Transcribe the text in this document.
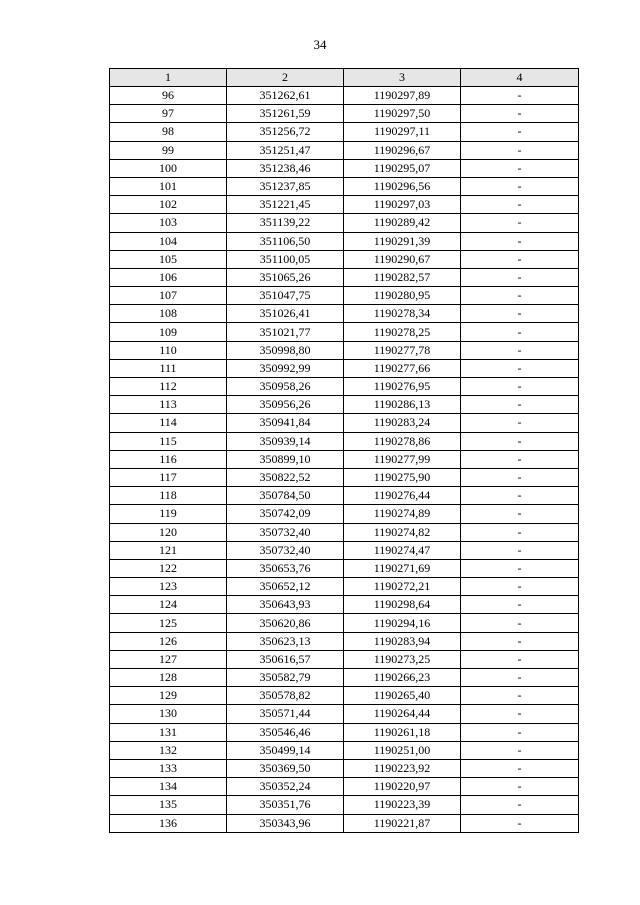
34
1	2	3	4
96	351262,61	1190297,89	-
97	351261,59	1190297,50	-
98	351256,72	1190297,11	-
99	351251,47	1190296,67	-
100	351238,46	1190295,07	-
101	351237,85	1190296,56	-
102	351221,45	1190297,03	-
103	351139,22	1190289,42	-
104	351106,50	1190291,39	-
105	351100,05	1190290,67	-
106	351065,26	1190282,57	-
107	351047,75	1190280,95	-
108	351026,41	1190278,34	-
109	351021,77	1190278,25	-
110	350998,80	1190277,78	-
111	350992,99	1190277,66	-
112	350958,26	1190276,95	-
113	350956,26	1190286,13	-
114	350941,84	1190283,24	-
115	350939,14	1190278,86	-
116	350899,10	1190277,99	-
117	350822,52	1190275,90	-
118	350784,50	1190276,44	-
119	350742,09	1190274,89	-
120	350732,40	1190274,82	-
121	350732,40	1190274,47	-
122	350653,76	1190271,69	-
123	350652,12	1190272,21	-
124	350643,93	1190298,64	-
125	350620,86	1190294,16	-
126	350623,13	1190283,94	-
127	350616,57	1190273,25	-
128	350582,79	1190266,23	-
129	350578,82	1190265,40	-
130	350571,44	1190264,44	-
131	350546,46	1190261,18	-
132	350499,14	1190251,00	-
133	350369,50	1190223,92	-
134	350352,24	1190220,97	-
135	350351,76	1190223,39	-
136	350343,96	1190221,87	-
